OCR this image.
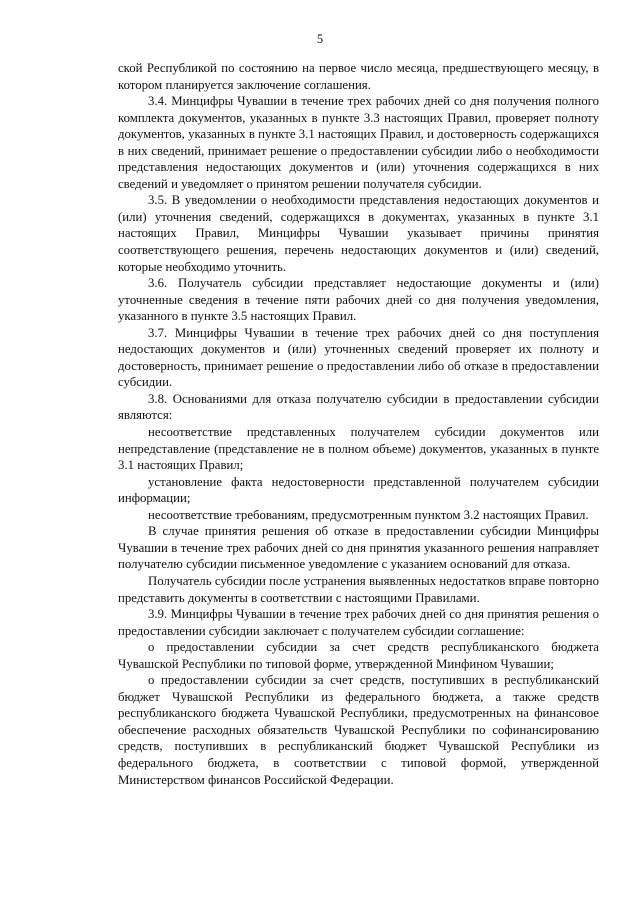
5

ской Республикой по состоянию на первое число месяца, предшествующего месяцу, в котором планируется заключение соглашения.

3.4. Минцифры Чувашии в течение трех рабочих дней со дня получения полного комплекта документов, указанных в пункте 3.3 настоящих Правил, проверяет полноту документов, указанных в пункте 3.1 настоящих Правил, и достоверность содержащихся в них сведений, принимает решение о предоставлении субсидии либо о необходимости представления недостающих документов и (или) уточнения содержащихся в них сведений и уведомляет о принятом решении получателя субсидии.

3.5. В уведомлении о необходимости представления недостающих документов и (или) уточнения сведений, содержащихся в документах, указанных в пункте 3.1 настоящих Правил, Минцифры Чувашии указывает причины принятия соответствующего решения, перечень недостающих документов и (или) сведений, которые необходимо уточнить.

3.6. Получатель субсидии представляет недостающие документы и (или) уточненные сведения в течение пяти рабочих дней со дня получения уведомления, указанного в пункте 3.5 настоящих Правил.

3.7. Минцифры Чувашии в течение трех рабочих дней со дня поступления недостающих документов и (или) уточненных сведений проверяет их полноту и достоверность, принимает решение о предоставлении либо об отказе в предоставлении субсидии.

3.8. Основаниями для отказа получателю субсидии в предоставлении субсидии являются:

несоответствие представленных получателем субсидии документов или непредставление (представление не в полном объеме) документов, указанных в пункте 3.1 настоящих Правил;

установление факта недостоверности представленной получателем субсидии информации;

несоответствие требованиям, предусмотренным пунктом 3.2 настоящих Правил.

В случае принятия решения об отказе в предоставлении субсидии Минцифры Чувашии в течение трех рабочих дней со дня принятия указанного решения направляет получателю субсидии письменное уведомление с указанием оснований для отказа.

Получатель субсидии после устранения выявленных недостатков вправе повторно представить документы в соответствии с настоящими Правилами.

3.9. Минцифры Чувашии в течение трех рабочих дней со дня принятия решения о предоставлении субсидии заключает с получателем субсидии соглашение:

о предоставлении субсидии за счет средств республиканского бюджета Чувашской Республики по типовой форме, утвержденной Минфином Чувашии;

о предоставлении субсидии за счет средств, поступивших в республиканский бюджет Чувашской Республики из федерального бюджета, а также средств республиканского бюджета Чувашской Республики, предусмотренных на финансовое обеспечение расходных обязательств Чувашской Республики по софинансированию средств, поступивших в республиканский бюджет Чувашской Республики из федерального бюджета, в соответствии с типовой формой, утвержденной Министерством финансов Российской Федерации.
